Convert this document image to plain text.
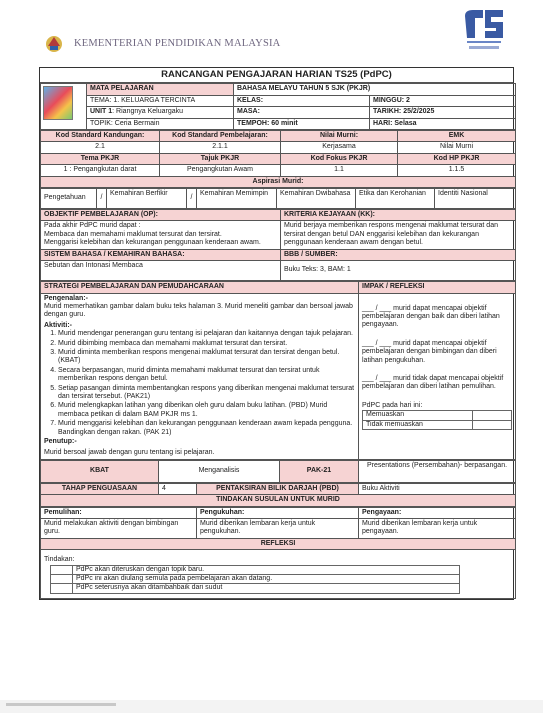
KEMENTERIAN PENDIDIKAN MALAYSIA
RANCANGAN PENGAJARAN HARIAN TS25 (PdPC)
	MATA PELAJARAN	BAHASA MELAYU TAHUN 5 SJK (PKJR)	
	TEMA: 1. KELUARGA TERCINTA	KELAS:	MINGGU: 2
	UNIT 1: Riangnya Keluargaku	MASA:	TARIKH: 25/2/2025
	TOPIK: Ceria Bermain	TEMPOH: 60 minit	HARI: Selasa
Kod Standard Kandungan:	Kod Standard Pembelajaran:	Nilai Murni:	EMK
2.1	2.1.1	Kerjasama	Nilai Murni
Tema PKJR	Tajuk PKJR	Kod Fokus PKJR	Kod HP PKJR
1 : Pengangkutan darat	Pengangkutan Awam	1.1	1.1.5
Aspirasi Murid:			
Pengetahuan	/	Kemahiran Berfikir	/	Kemahiran Memimpin	Kemahiran Dwibahasa	Etika dan Kerohanian	Identiti Nasional
OBJEKTIF PEMBELAJARAN (OP):	KRITERIA KEJAYAAN (KK):

Pada akhir PdPC murid dapat :
Membaca dan memahami maklumat tersurat dan tersirat.
Menggarisi kelebihan dan kekurangan penggunaan kenderaan awam.	Murid berjaya memberikan respons mengenai maklumat tersurat dan tersirat dengan betul DAN enggarisi kelebihan dan kekurangan penggunaan kenderaan awam dengan betul.
SISTEM BAHASA / KEMAHIRAN BAHASA:	BBB / SUMBER:
Sebutan dan Intonasi Membaca	Buku Teks: 3, BAM: 1
STRATEGI PEMBELAJARAN DAN PEMUDAHCARAAN	IMPAK / REFLEKSI

Pengenalan:-
Murid memerhatikan gambar dalam buku teks halaman 3. Murid meneliti gambar dan bersoal jawab dengan guru.
Aktiviti:-
1. Murid mendengar penerangan guru tentang isi pelajaran dan kaitannya dengan tajuk pelajaran.
2. Murid dibimbing membaca dan memahami maklumat tersurat dan tersirat.
3. Murid diminta memberikan respons mengenai maklumat tersurat dan tersirat dengan betul. (KBAT)
4. Secara berpasangan, murid diminta memahami maklumat tersurat dan tersirat untuk memberikan respons dengan betul.
5. Setiap pasangan diminta membentangkan respons yang diberikan mengenai maklumat tersurat dan tersirat tersebut. (PAK21)
6. Murid melengkapkan latihan yang diberikan oleh guru dalam buku latihan. (PBD) Murid membaca petikan di dalam BAM PKJR ms 1.
7. Murid menggarisi kelebihan dan kekurangan penggunaan kenderaan awam kepada pengguna. Bandingkan dengan rakan. (PAK 21)
Penutup:-
Murid bersoal jawab dengan guru tentang isi pelajaran.

___ / ___ murid dapat mencapai objektif pembelajaran dengan baik dan diberi latihan pengayaan.
___ / ___ murid dapat mencapai objektif pembelajaran dengan bimbingan dan diberi latihan pengukuhan.
___ / ___ murid tidak dapat mencapai objektif pembelajaran dan diberi latihan pemulihan.
PdPC pada hari ini:
Memuaskan	
Tidak memuaskan	
KBAT	Menganalisis	PAK-21	Presentations (Persembahan)- berpasangan.
TAHAP PENGUASAAN	4	PENTAKSIRAN BILIK DARJAH (PBD)	Buku Aktiviti
TINDAKAN SUSULAN UNTUK MURID
Pemulihan:	Pengukuhan:	Pengayaan:
Murid melakukan aktiviti dengan bimbingan guru.	Murid diberikan lembaran kerja untuk pengukuhan.	Murid diberikan lembaran kerja untuk pengayaan.
REFLEKSI

Tindakan:
	PdPc akan diteruskan dengan topik baru.
	PdPc ini akan diulang semula pada pembelajaran akan datang.
	PdPc seterusnya akan ditambahbaik dari sudut
